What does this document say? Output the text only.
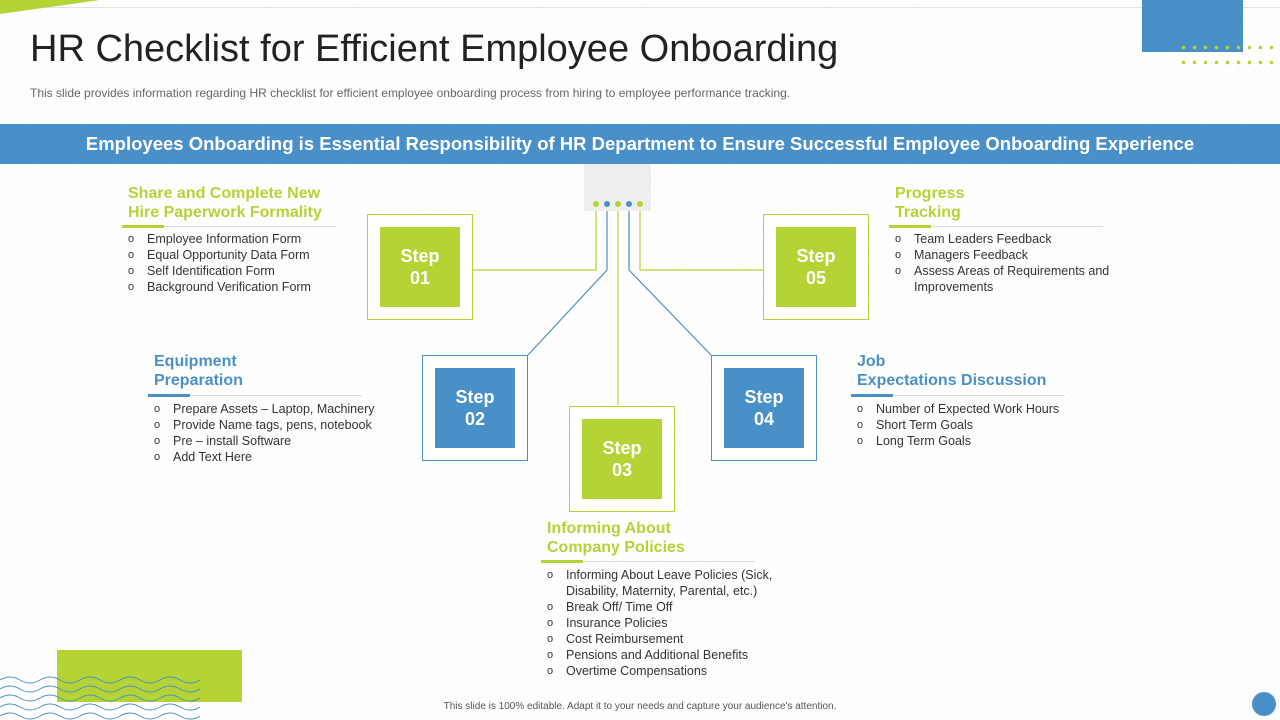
HR Checklist for Efficient Employee Onboarding
This slide provides information regarding HR checklist for efficient employee onboarding process from hiring to employee performance tracking.
Employees Onboarding is Essential Responsibility of HR Department to Ensure Successful Employee Onboarding Experience
Step
01
Step
02
Step
03
Step
04
Step
05
Share and Complete New
Hire Paperwork Formality
o Employee Information Form
o Equal Opportunity Data Form
o Self Identification Form
o Background Verification Form
Equipment
Preparation
o Prepare Assets – Laptop, Machinery
o Provide Name tags, pens, notebook
o Pre – install Software
o Add Text Here
Informing About
Company Policies
o Informing About Leave Policies (Sick,
Disability, Maternity, Parental, etc.)
o Break Off/ Time Off
o Insurance Policies
o Cost Reimbursement
o Pensions and Additional Benefits
o Overtime Compensations
Job
Expectations Discussion
o Number of Expected Work Hours
o Short Term Goals
o Long Term Goals
Progress
Tracking
o Team Leaders Feedback
o Managers Feedback
o Assess Areas of Requirements and
Improvements
This slide is 100% editable. Adapt it to your needs and capture your audience's attention.
